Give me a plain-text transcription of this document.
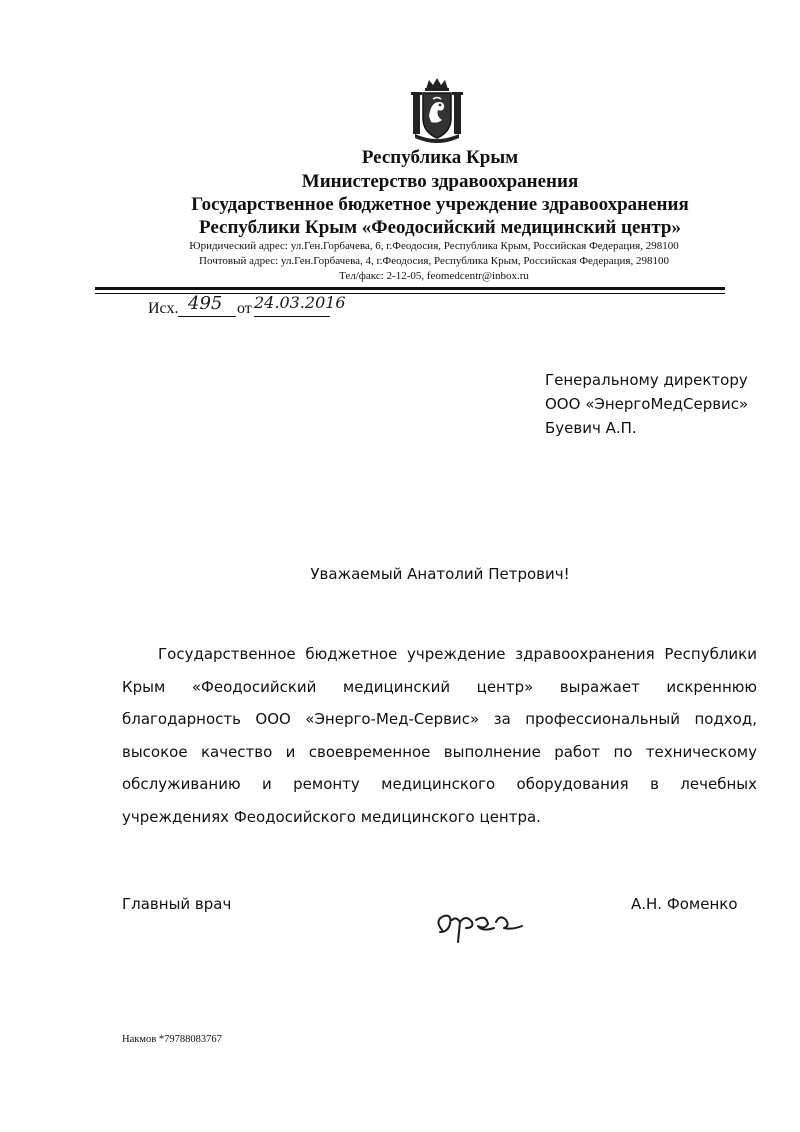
Республика Крым
Министерство здравоохранения
Государственное бюджетное учреждение здравоохранения
Республики Крым «Феодосийский медицинский центр»
Юридический адрес: ул.Ген.Горбачева, 6, г.Феодосия, Республика Крым, Российская Федерация, 298100
Почтовый адрес: ул.Ген.Горбачева, 4, г.Феодосия, Республика Крым, Российская Федерация, 298100
Тел/факс: 2-12-05, feomedcentr@inbox.ru
Исх. 495 от 24.03.2016
Генеральному директору
ООО «ЭнергоМедСервис»
Буевич А.П.
Уважаемый Анатолий Петрович!
Государственное бюджетное учреждение здравоохранения Республики Крым «Феодосийский медицинский центр» выражает искреннюю благодарность ООО «Энерго-Мед-Сервис» за профессиональный подход, высокое качество и своевременное выполнение работ по техническому обслуживанию и ремонту медицинского оборудования в лечебных учреждениях Феодосийского медицинского центра.
Главный врач	А.Н. Фоменко
Накмов *79788083767
